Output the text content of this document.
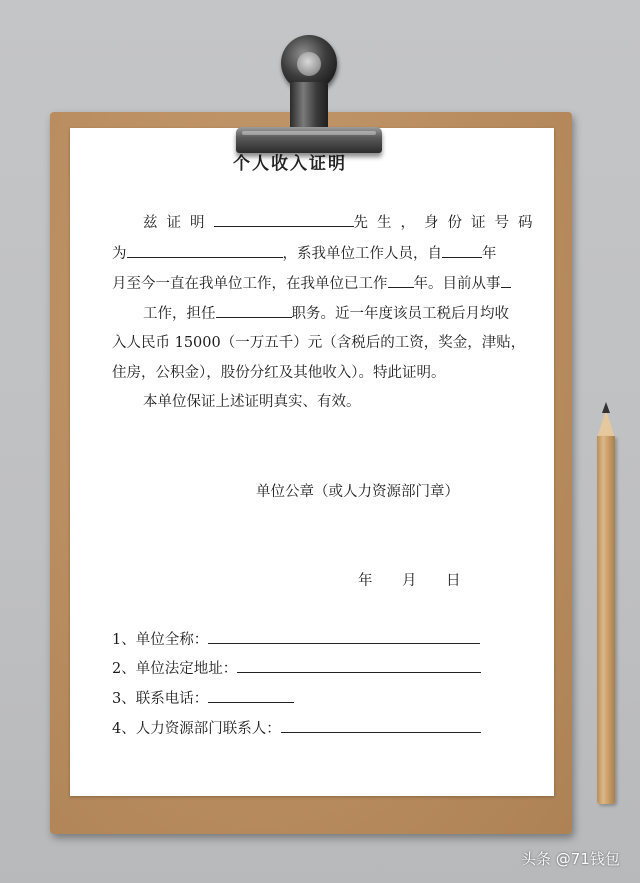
个人收入证明
兹证明	先生，身份证号码
为	，系我单位工作人员，自	年
月至今一直在我单位工作，在我单位已工作 年。目前从事
工作，担任	职务。近一年度该员工税后月均收
入人民币 15000（一万五千）元（含税后的工资，奖金，津贴，
住房，公积金），股份分红及其他收入）。特此证明。
本单位保证上述证明真实、有效。
单位公章（或人力资源部门章）
年 月 日
1、单位全称：
2、单位法定地址：
3、联系电话：
4、人力资源部门联系人：
头条 @71钱包
